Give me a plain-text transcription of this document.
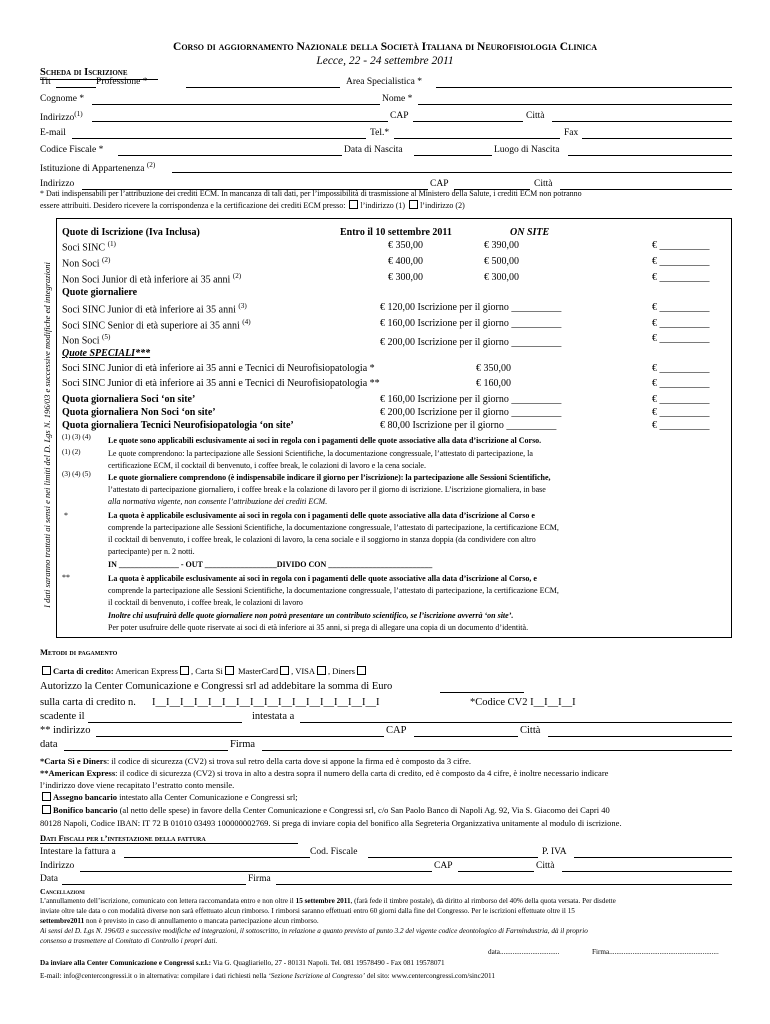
Corso di aggiornamento Nazionale della Società Italiana di Neurofisiologia Clinica
Lecce, 22 - 24 settembre 2011
Scheda di Iscrizione
Tit	Professione *	Area Specialistica *
Cognome *	Nome *
Indirizzo$^{(1)}$	CAP	Città
E-mail	Tel.*	Fax
Codice Fiscale *	Data di Nascita	Luogo di Nascita
Istituzione di Appartenenza $^{(2)}$
Indirizzo	CAP	Città
* Dati indispensabili per l’attribuzione dei crediti ECM. In mancanza di tali dati, per l’impossibilità di trasmissione al Ministero della Salute, i crediti ECM non potranno
essere attribuiti. Desidero ricevere la corrispondenza e la certificazione dei crediti ECM presso: l’indirizzo (1) l’indirizzo (2)
I dati saranno trattati ai sensi e nei limiti del D. Lgs N. 196/03 e successive modifiche ed integrazioni
Quote di Iscrizione (Iva Inclusa)	Entro il 10 settembre 2011	ON SITE
Soci SINC $^{(1)}$	€ 350,00	€ 390,00	€ __________
Non Soci $^{(2)}$	€ 400,00	€ 500,00	€ __________
Non Soci Junior di età inferiore ai 35 anni $^{(2)}$	€ 300,00	€ 300,00	€ __________
Quote giornaliere
Soci SINC Junior di età inferiore ai 35 anni $^{(3)}$	€ 120,00 Iscrizione per il giorno __________	€ __________
Soci SINC Senior di età superiore ai 35 anni $^{(4)}$	€ 160,00 Iscrizione per il giorno __________	€ __________
Non Soci $^{(5)}$	€ 200,00 Iscrizione per il giorno __________	€ __________
Quote SPECIALI***
Soci SINC Junior di età inferiore ai 35 anni e Tecnici di Neurofisiopatologia *	€ 350,00	€ __________
Soci SINC Junior di età inferiore ai 35 anni e Tecnici di Neurofisiopatologia **	€ 160,00	€ __________
Quota giornaliera Soci ‘on site’	€ 160,00 Iscrizione per il giorno __________	€ __________
Quota giornaliera Non Soci ‘on site’	€ 200,00 Iscrizione per il giorno __________	€ __________
Quota giornaliera Tecnici Neurofisiopatologia ‘on site’	€ 80,00 Iscrizione per il giorno __________	€ __________
(1) (3) (4) Le quote sono applicabili esclusivamente ai soci in regola con i pagamenti delle quote associative alla data d’iscrizione al Corso.
(1) (2)	Le quote comprendono: la partecipazione alle Sessioni Scientifiche, la documentazione congressuale, l’attestato di partecipazione, la
certificazione ECM, il cocktail di benvenuto, i coffee break, le colazioni di lavoro e la cena sociale.
(3) (4) (5) Le quote giornaliere comprendono (è indispensabile indicare il giorno per l’iscrizione): la partecipazione alle Sessioni Scientifiche,
l’attestato di partecipazione giornaliero, i coffee break e la colazione di lavoro per il giorno di iscrizione. L’iscrizione giornaliera, in base
alla normativa vigente, non consente l’attribuzione dei crediti ECM.
*	La quota è applicabile esclusivamente ai soci in regola con i pagamenti delle quote associative alla data d’iscrizione al Corso e
comprende la partecipazione alle Sessioni Scientifiche, la documentazione congressuale, l’attestato di partecipazione, la certificazione ECM,
il cocktail di benvenuto, i coffee break, le colazioni di lavoro, la cena sociale e il soggiorno in stanza doppia (da condividere con altro
partecipante) per n. 2 notti.
IN _______________ - OUT __________________DIVIDO CON __________________________
**	La quota è applicabile esclusivamente ai soci in regola con i pagamenti delle quote associative alla data d’iscrizione al Corso, e
comprende la partecipazione alle Sessioni Scientifiche, la documentazione congressuale, l’attestato di partecipazione, la certificazione ECM,
il cocktail di benvenuto, i coffee break, le colazioni di lavoro
Inoltre chi usufruirà delle quote giornaliere non potrà presentare un contributo scientifico, se l’iscrizione avverrà ‘on site’.
Per poter usufruire delle quote riservate ai soci di età inferiore ai 35 anni, si prega di allegare una copia di un documento d’identità.
Metodi di pagamento
Carta di credito: American Express , Carta Si MasterCard , VISA , Diners
Autorizzo la Center Comunicazione e Congressi srl ad addebitare la somma di Euro
sulla carta di credito n. I__I__I__I__I__I__I__I__I__I__I__I__I__I__I__I__I	*Codice CV2 I__I__I__I
scadente il	intestata a
** indirizzo	CAP	Città
data	Firma
*Carta Sì e Diners: il codice di sicurezza (CV2) si trova sul retro della carta dove si appone la firma ed è composto da 3 cifre.
**American Express: il codice di sicurezza (CV2) si trova in alto a destra sopra il numero della carta di credito, ed è composto da 4 cifre, è inoltre necessario indicare
l’indirizzo dove viene recapitato l’estratto conto mensile.
Assegno bancario intestato alla Center Comunicazione e Congressi srl;
Bonifico bancario (al netto delle spese) in favore della Center Comunicazione e Congressi srl, c/o San Paolo Banco di Napoli Ag. 92, Via S. Giacomo dei Capri 40
80128 Napoli, Codice IBAN: IT 72 B 01010 03493 100000002769. Si prega di inviare copia del bonifico alla Segreteria Organizzativa unitamente al modulo di iscrizione.
Dati Fiscali per l’intestazione della fattura
Intestare la fattura a	Cod. Fiscale	P. IVA
Indirizzo	CAP	Città
Data	Firma
Cancellazioni
L’annullamento dell’iscrizione, comunicato con lettera raccomandata entro e non oltre il 15 settembre 2011, (farà fede il timbre postale), dà diritto al rimborso del 40% della quota versata. Per disdette
inviate oltre tale data o con modalità diverse non sarà effettuato alcun rimborso. I rimborsi saranno effettuati entro 60 giorni dalla fine del Congresso. Per le iscrizioni effettuate oltre il 15
settembre2011 non è previsto in caso di annullamento o mancata partecipazione alcun rimborso.
Ai sensi del D. Lgs N. 196/03 e successive modifiche ed integrazioni, il sottoscritto, in relazione a quanto previsto al punto 3.2 del vigente codice deontologico di Farmindustria, dà il proprio
consenso a trasmettere al Comitato di Controllo i propri dati.
data.................................	Firma.............................................................
Da inviare alla Center Comunicazione e Congressi s.r.l.: Via G. Quagliariello, 27 - 80131 Napoli. Tel. 081 19578490 - Fax 081 19578071
E-mail: info@centercongressi.it o in alternativa: compilare i dati richiesti nella ‘Sezione Iscrizione al Congresso’ del sito: www.centercongressi.com/sinc2011
